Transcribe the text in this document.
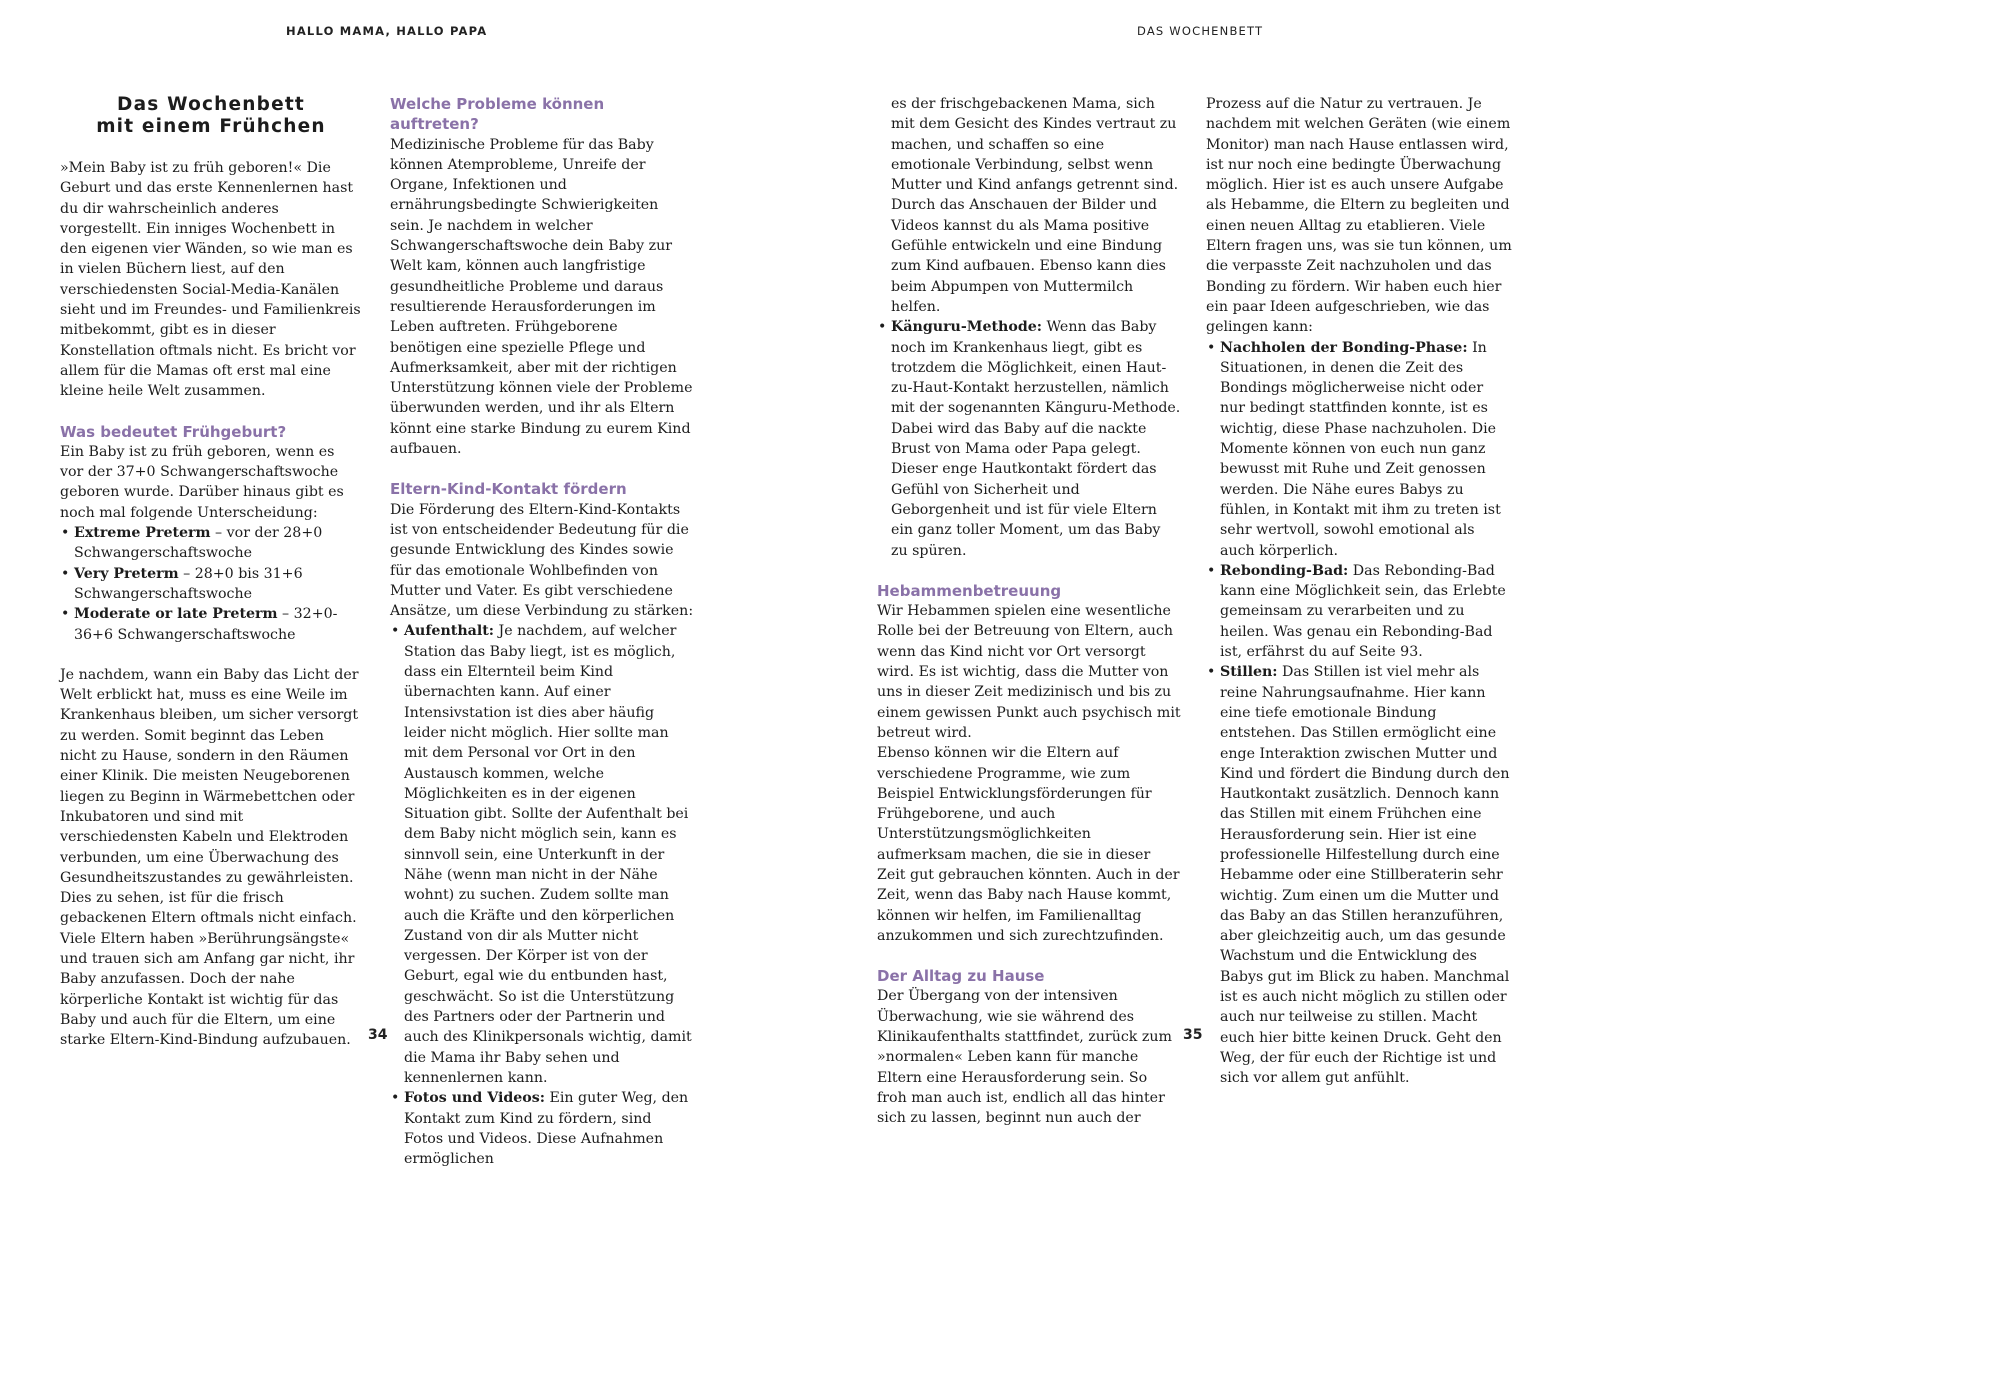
HALLO MAMA, HALLO PAPA	DAS WOCHENBETT
Das Wochenbett
mit einem Frühchen

»Mein Baby ist zu früh geboren!« Die Geburt und das erste Kennenlernen hast du dir wahrscheinlich anderes vorgestellt. Ein inniges Wochenbett in den eigenen vier Wänden, so wie man es in vielen Büchern liest, auf den verschiedensten Social-Media-Kanälen sieht und im Freundes- und Familienkreis mitbekommt, gibt es in dieser Konstellation oftmals nicht. Es bricht vor allem für die Mamas oft erst mal eine kleine heile Welt zusammen.

Was bedeutet Frühgeburt?

Ein Baby ist zu früh geboren, wenn es vor der 37+0 Schwangerschaftswoche geboren wurde. Darüber hinaus gibt es noch mal folgende Unterscheidung:

• Extreme Preterm – vor der 28+0 Schwangerschaftswoche
• Very Preterm – 28+0 bis 31+6 Schwangerschaftswoche
• Moderate or late Preterm – 32+0-36+6 Schwangerschaftswoche

Je nachdem, wann ein Baby das Licht der Welt erblickt hat, muss es eine Weile im Krankenhaus bleiben, um sicher versorgt zu werden. Somit beginnt das Leben nicht zu Hause, sondern in den Räumen einer Klinik. Die meisten Neugeborenen liegen zu Beginn in Wärmebettchen oder Inkubatoren und sind mit verschiedensten Kabeln und Elektroden verbunden, um eine Überwachung des Gesundheitszustandes zu gewährleisten. Dies zu sehen, ist für die frisch gebackenen Eltern oftmals nicht einfach.

Viele Eltern haben »Berührungsängste« und trauen sich am Anfang gar nicht, ihr Baby anzufassen. Doch der nahe körperliche Kontakt ist wichtig für das Baby und auch für die Eltern, um eine starke Eltern-Kind-Bindung aufzubauen.

Welche Probleme können auftreten?

Medizinische Probleme für das Baby können Atemprobleme, Unreife der Organe, Infektionen und ernährungsbedingte Schwierigkeiten sein. Je nachdem in welcher Schwangerschaftswoche dein Baby zur Welt kam, können auch langfristige gesundheitliche Probleme und daraus resultierende Herausforderungen im Leben auftreten. Frühgeborene benötigen eine spezielle Pflege und Aufmerksamkeit, aber mit der richtigen Unterstützung können viele der Probleme überwunden werden, und ihr als Eltern könnt eine starke Bindung zu eurem Kind aufbauen.

Eltern-Kind-Kontakt fördern

Die Förderung des Eltern-Kind-Kontakts ist von entscheidender Bedeutung für die gesunde Entwicklung des Kindes sowie für das emotionale Wohlbefinden von Mutter und Vater. Es gibt verschiedene Ansätze, um diese Verbindung zu stärken:

• Aufenthalt: Je nachdem, auf welcher Station das Baby liegt, ist es möglich, dass ein Elternteil beim Kind übernachten kann. Auf einer Intensivstation ist dies aber häufig leider nicht möglich. Hier sollte man mit dem Personal vor Ort in den Austausch kommen, welche Möglichkeiten es in der eigenen Situation gibt. Sollte der Aufenthalt bei dem Baby nicht möglich sein, kann es sinnvoll sein, eine Unterkunft in der Nähe (wenn man nicht in der Nähe wohnt) zu suchen. Zudem sollte man auch die Kräfte und den körperlichen Zustand von dir als Mutter nicht vergessen. Der Körper ist von der Geburt, egal wie du entbunden hast, geschwächt. So ist die Unterstützung des Partners oder der Partnerin und auch des Klinikpersonals wichtig, damit die Mama ihr Baby sehen und kennenlernen kann.
• Fotos und Videos: Ein guter Weg, den Kontakt zum Kind zu fördern, sind Fotos und Videos. Diese Aufnahmen ermöglichen

es der frischgebackenen Mama, sich mit dem Gesicht des Kindes vertraut zu machen, und schaffen so eine emotionale Verbindung, selbst wenn Mutter und Kind anfangs getrennt sind. Durch das Anschauen der Bilder und Videos kannst du als Mama positive Gefühle entwickeln und eine Bindung zum Kind aufbauen. Ebenso kann dies beim Abpumpen von Muttermilch helfen.

• Känguru-Methode: Wenn das Baby noch im Krankenhaus liegt, gibt es trotzdem die Möglichkeit, einen Haut-zu-Haut-Kontakt herzustellen, nämlich mit der sogenannten Känguru-Methode. Dabei wird das Baby auf die nackte Brust von Mama oder Papa gelegt. Dieser enge Hautkontakt fördert das Gefühl von Sicherheit und Geborgenheit und ist für viele Eltern ein ganz toller Moment, um das Baby zu spüren.
Hebammenbetreuung

Wir Hebammen spielen eine wesentliche Rolle bei der Betreuung von Eltern, auch wenn das Kind nicht vor Ort versorgt wird. Es ist wichtig, dass die Mutter von uns in dieser Zeit medizinisch und bis zu einem gewissen Punkt auch psychisch mit betreut wird.

Ebenso können wir die Eltern auf verschiedene Programme, wie zum Beispiel Entwicklungsförderungen für Frühgeborene, und auch Unterstützungsmöglichkeiten aufmerksam machen, die sie in dieser Zeit gut gebrauchen könnten. Auch in der Zeit, wenn das Baby nach Hause kommt, können wir helfen, im Familienalltag anzukommen und sich zurechtzufinden.

Der Alltag zu Hause

Der Übergang von der intensiven Überwachung, wie sie während des Klinikaufenthalts stattfindet, zurück zum »normalen« Leben kann für manche Eltern eine Herausforderung sein. So froh man auch ist, endlich all das hinter sich zu lassen, beginnt nun auch der

Prozess auf die Natur zu vertrauen. Je nachdem mit welchen Geräten (wie einem Monitor) man nach Hause entlassen wird, ist nur noch eine bedingte Überwachung möglich. Hier ist es auch unsere Aufgabe als Hebamme, die Eltern zu begleiten und einen neuen Alltag zu etablieren. Viele Eltern fragen uns, was sie tun können, um die verpasste Zeit nachzuholen und das Bonding zu fördern. Wir haben euch hier ein paar Ideen aufgeschrieben, wie das gelingen kann:

• Nachholen der Bonding-Phase: In Situationen, in denen die Zeit des Bondings möglicherweise nicht oder nur bedingt stattfinden konnte, ist es wichtig, diese Phase nachzuholen. Die Momente können von euch nun ganz bewusst mit Ruhe und Zeit genossen werden. Die Nähe eures Babys zu fühlen, in Kontakt mit ihm zu treten ist sehr wertvoll, sowohl emotional als auch körperlich.
• Rebonding-Bad: Das Rebonding-Bad kann eine Möglichkeit sein, das Erlebte gemeinsam zu verarbeiten und zu heilen. Was genau ein Rebonding-Bad ist, erfährst du auf Seite 93.
• Stillen: Das Stillen ist viel mehr als reine Nahrungsaufnahme. Hier kann eine tiefe emotionale Bindung entstehen. Das Stillen ermöglicht eine enge Interaktion zwischen Mutter und Kind und fördert die Bindung durch den Hautkontakt zusätzlich. Dennoch kann das Stillen mit einem Frühchen eine Herausforderung sein. Hier ist eine professionelle Hilfestellung durch eine Hebamme oder eine Stillberaterin sehr wichtig. Zum einen um die Mutter und das Baby an das Stillen heranzuführen, aber gleichzeitig auch, um das gesunde Wachstum und die Entwicklung des Babys gut im Blick zu haben. Manchmal ist es auch nicht möglich zu stillen oder auch nur teilweise zu stillen. Macht euch hier bitte keinen Druck. Geht den Weg, der für euch der Richtige ist und sich vor allem gut anfühlt.
34	35
